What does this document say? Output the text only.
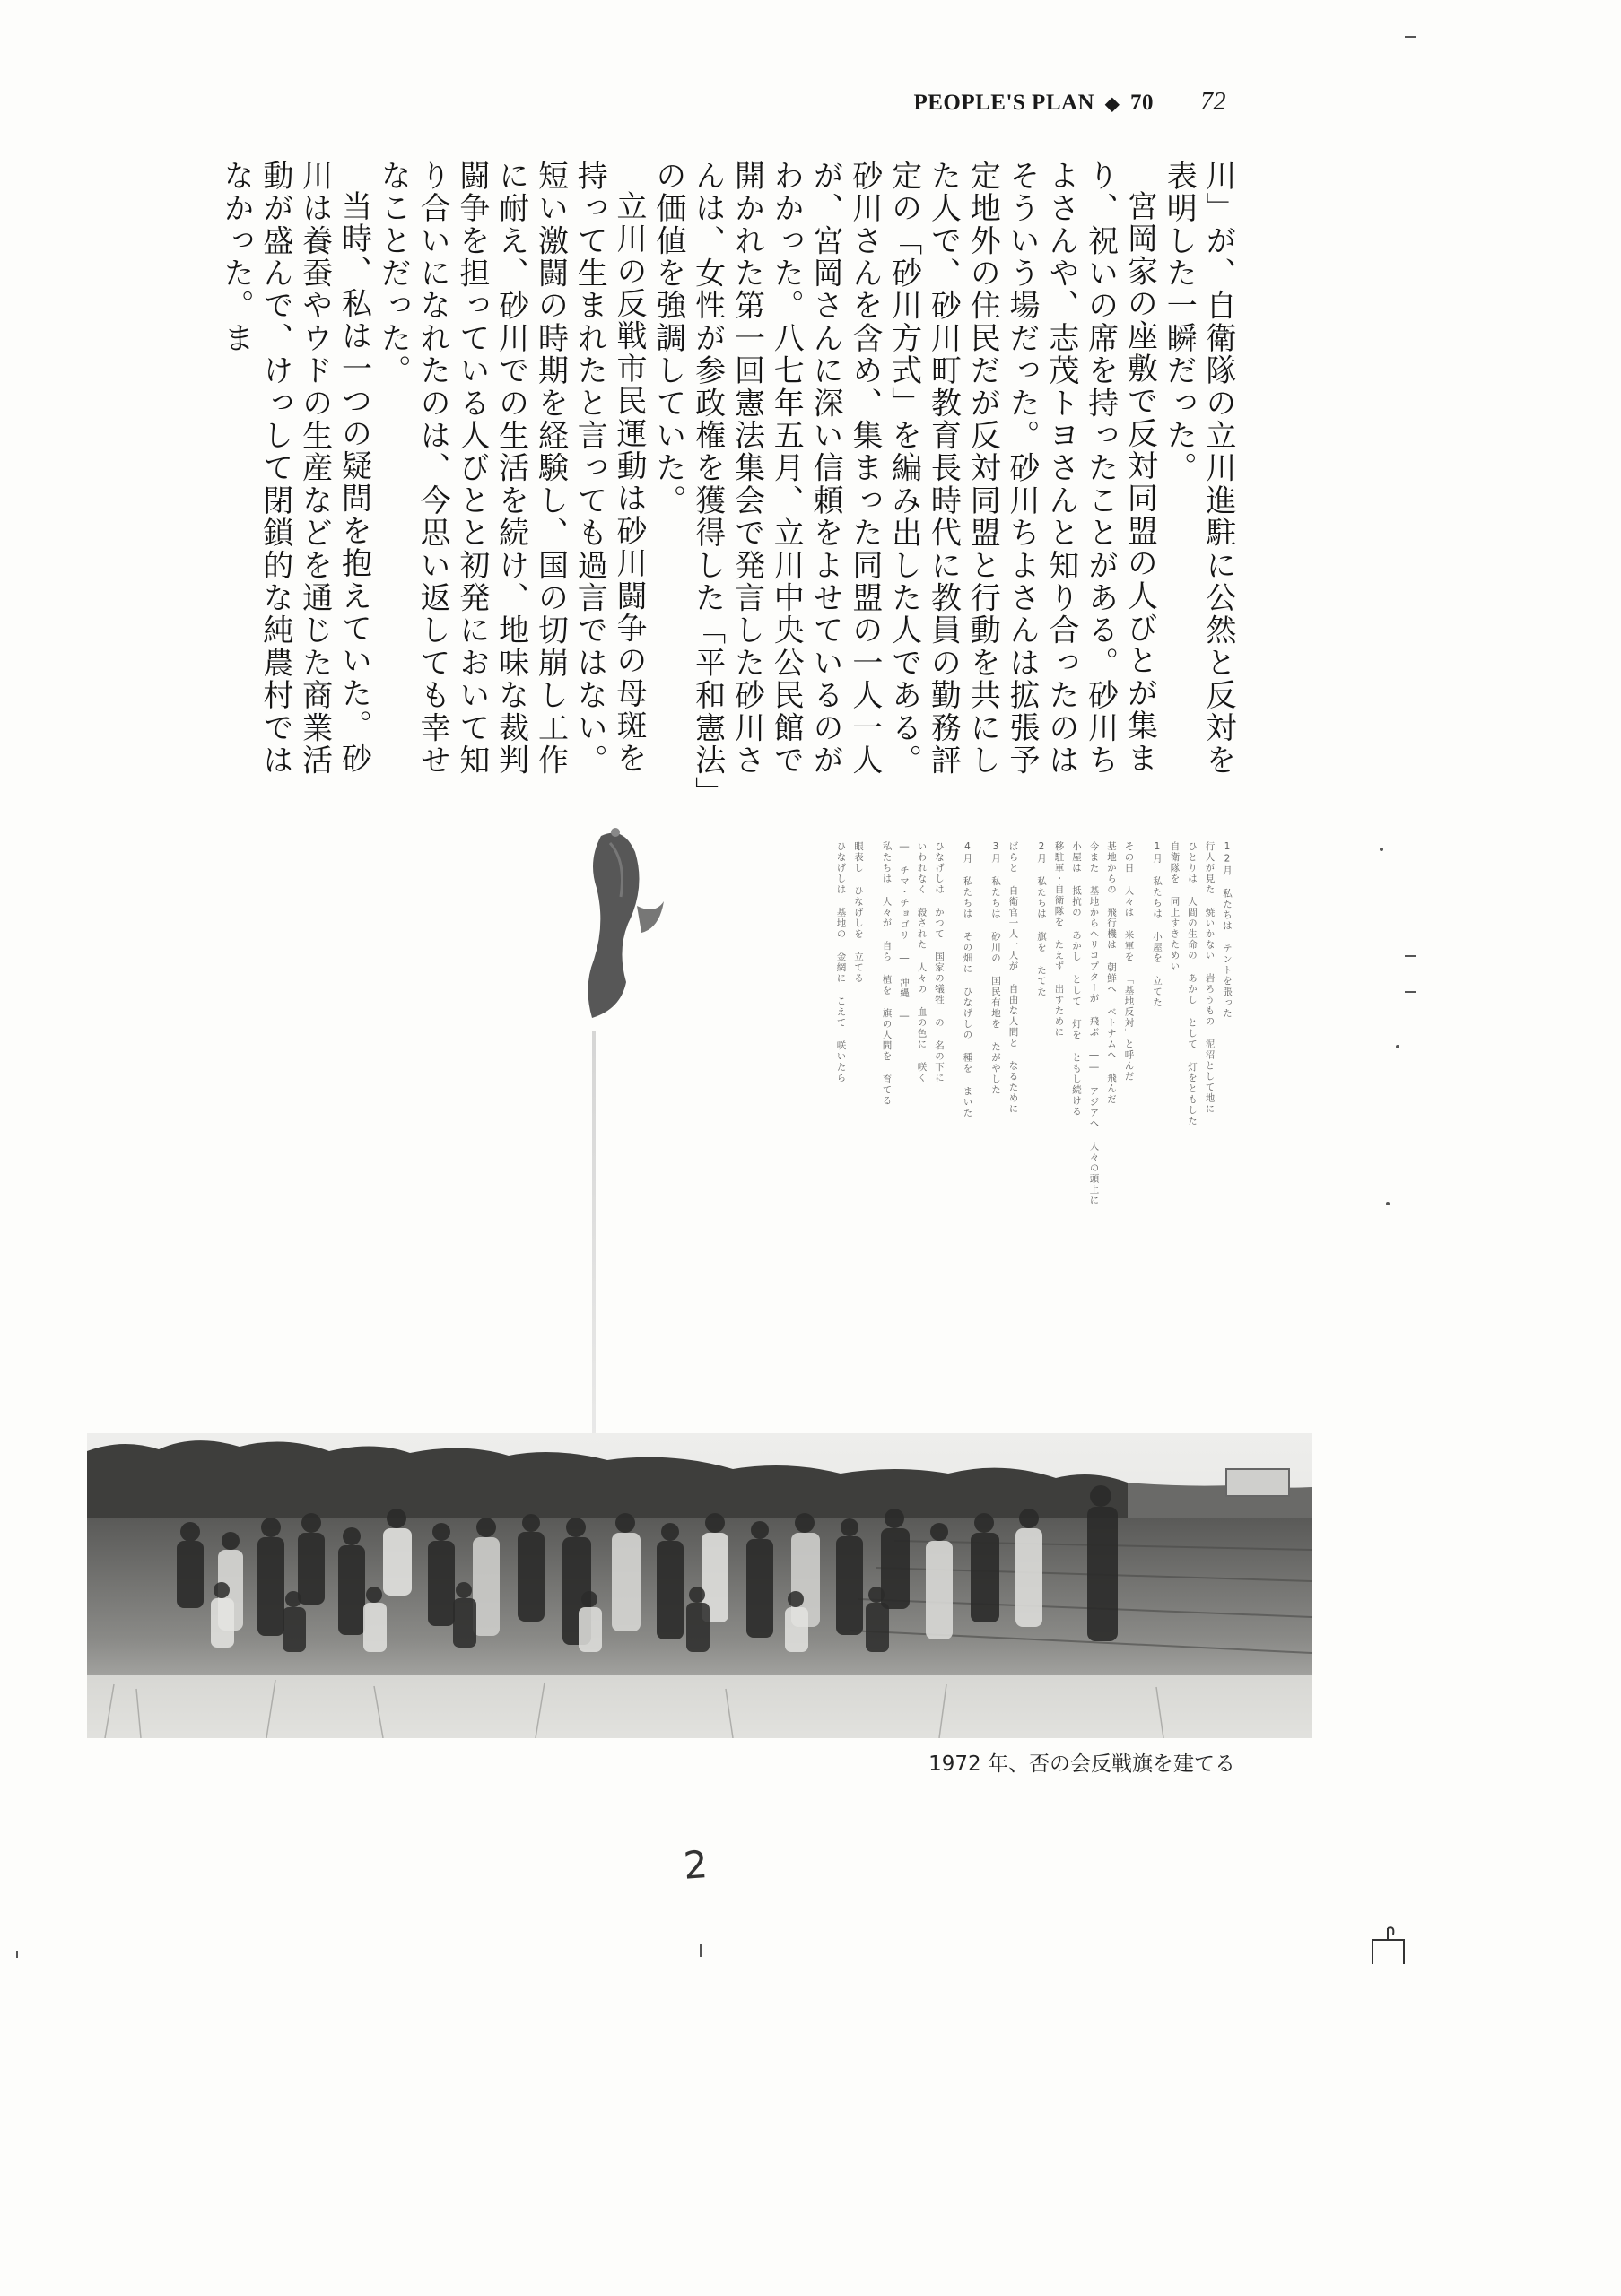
PEOPLE'S PLAN ◆ 70 72

川」が、自衛隊の立川進駐に公然と反対を表明した一瞬だった。

宮岡家の座敷で反対同盟の人びとが集まり、祝いの席を持ったことがある。砂川ちよさんや、志茂トヨさんと知り合ったのはそういう場だった。砂川ちよさんは拡張予定地外の住民だが反対同盟と行動を共にした人で、砂川町教育長時代に教員の勤務評定の「砂川方式」を編み出した人である。砂川さんを含め、集まった同盟の一人一人が、宮岡さんに深い信頼をよせているのがわかった。八七年五月、立川中央公民館で開かれた第一回憲法集会で発言した砂川さんは、女性が参政権を獲得した「平和憲法」の価値を強調していた。

立川の反戦市民運動は砂川闘争の母斑を持って生まれたと言っても過言ではない。短い激闘の時期を経験し、国の切崩し工作に耐え、砂川での生活を続け、地味な裁判闘争を担っている人びとと初発において知り合いになれたのは、今思い返しても幸せなことだった。

当時、私は一つの疑問を抱えていた。砂川は養蚕やウドの生産などを通じた商業活動が盛んで、けっして閉鎖的な純農村ではなかった。ま

12月 私たちは テントを張った

行人が見た 焼いかない 岩ろうもの 泥沼として地に

ひとりは 人間の生命の あかし として 灯をともした

自衛隊を 同上すきためい

1月 私たちは 小屋を 立てた

その日 人々は 米軍を 「基地反対」と呼んだ

基地からの 飛行機は 朝鮮へ ベトナムへ 飛んだ

今また 基地からヘリコプターが 飛ぶ ―― アジアへ 人々の頭上に

小屋は 抵抗の あかし として 灯を ともし続ける

移駐軍・自衛隊を たえず 出すために

2月 私たちは 旗を たてた

ばらと 自衛官一人一人が 自由な人間と なるために

3月 私たちは 砂川の 国民有地を たがやした

4月 私たちは その畑に ひなげしの 種を まいた

ひなげしは かつて 国家の犠牲 の 名の下に

いわれなく 殺された 人々の 血の色に 咲く

― チマ・チョゴリ ― 沖縄 ―

私たちは 人々が 自ら 植を 旗の人間を 育てる

眼表し ひなげしを 立てる

ひなげしは 基地の 金網に こえて 咲いたら

1972 年、否の会反戦旗を建てる
2
